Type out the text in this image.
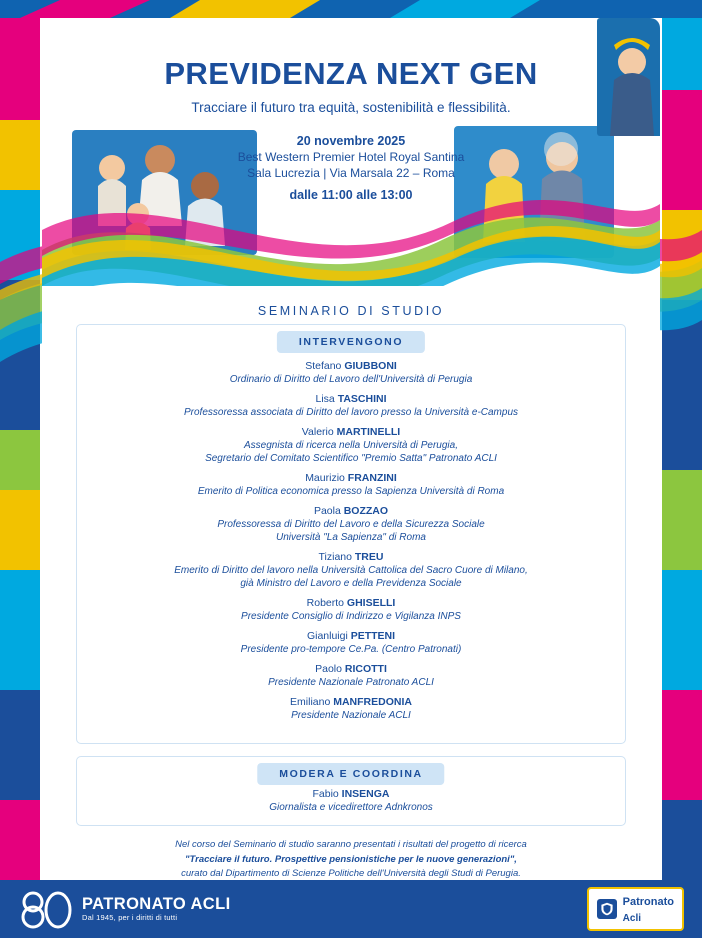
PREVIDENZA NEXT GEN

Tracciare il futuro tra equità, sostenibilità e flessibilità.

20 novembre 2025

Best Western Premier Hotel Royal Santina

Sala Lucrezia | Via Marsala 22 – Roma

dalle 11:00 alle 13:00

SEMINARIO DI STUDIO
INTERVENGONO

Stefano GIUBBONI

Ordinario di Diritto del Lavoro dell'Università di Perugia

Lisa TASCHINI

Professoressa associata di Diritto del lavoro presso la Università e-Campus

Valerio MARTINELLI

Assegnista di ricerca nella Università di Perugia,
Segretario del Comitato Scientifico "Premio Satta" Patronato ACLI

Maurizio FRANZINI

Emerito di Politica economica presso la Sapienza Università di Roma

Paola BOZZAO

Professoressa di Diritto del Lavoro e della Sicurezza Sociale
Università "La Sapienza" di Roma

Tiziano TREU

Emerito di Diritto del lavoro nella Università Cattolica del Sacro Cuore di Milano,
già Ministro del Lavoro e della Previdenza Sociale

Roberto GHISELLI

Presidente Consiglio di Indirizzo e Vigilanza INPS

Gianluigi PETTENI

Presidente pro-tempore Ce.Pa. (Centro Patronati)

Paolo RICOTTI

Presidente Nazionale Patronato ACLI

Emiliano MANFREDONIA

Presidente Nazionale ACLI

MODERA E COORDINA

Fabio INSENGA

Giornalista e vicedirettore Adnkronos

Nel corso del Seminario di studio saranno presentati i risultati del progetto di ricerca
"Tracciare il futuro. Prospettive pensionistiche per le nuove generazioni",
curato dal Dipartimento di Scienze Politiche dell'Università degli Studi di Perugia.
PATRONATO ACLI
Dal 1945, per i diritti di tutti
Patronato
Acli
